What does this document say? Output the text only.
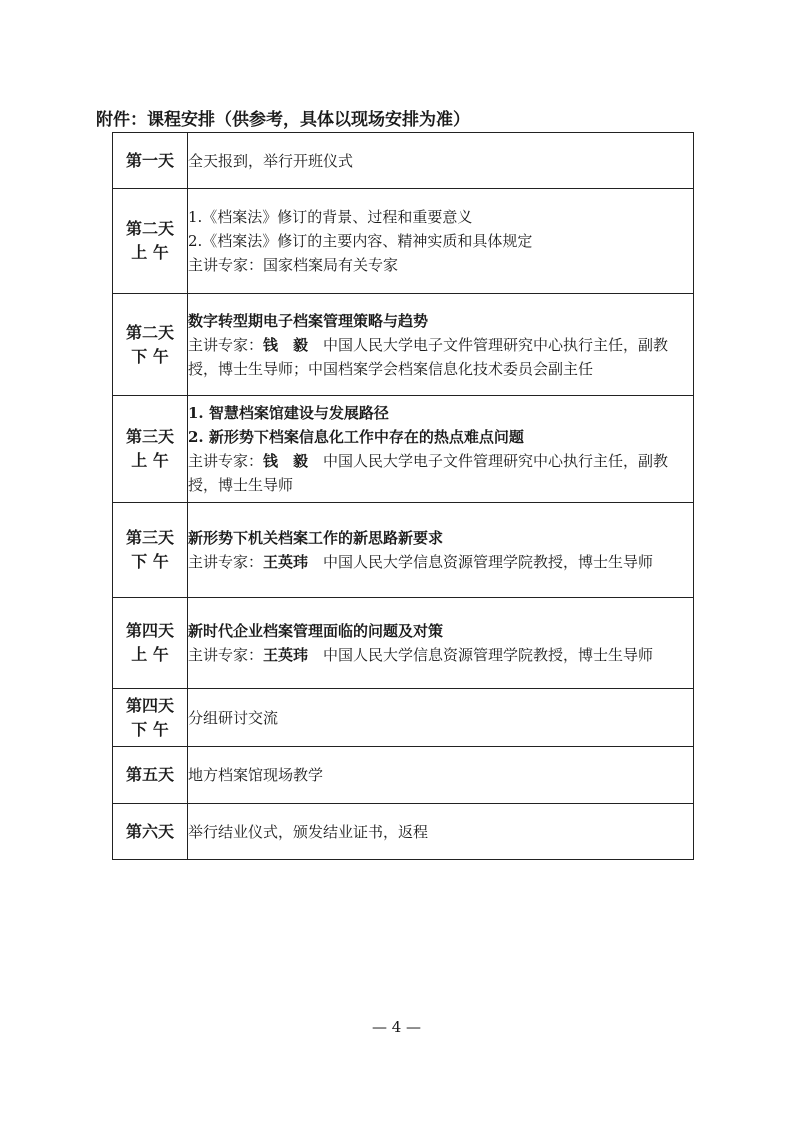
附件：课程安排（供参考，具体以现场安排为准）
第一天	全天报到，举行开班仪式

第二天
上 午	1.《档案法》修订的背景、过程和重要意义
2.《档案法》修订的主要内容、精神实质和具体规定
主讲专家：国家档案局有关专家

第二天
下 午	数字转型期电子档案管理策略与趋势
主讲专家：钱　毅　 中国人民大学电子文件管理研究中心执行主任，副教授，博士生导师；中国档案学会档案信息化技术委员会副主任

第三天
上 午	1. 智慧档案馆建设与发展路径
2. 新形势下档案信息化工作中存在的热点难点问题
主讲专家：钱　毅　 中国人民大学电子文件管理研究中心执行主任，副教授，博士生导师

第三天
下 午	新形势下机关档案工作的新思路新要求
主讲专家：王英玮　 中国人民大学信息资源管理学院教授，博士生导师

第四天
上 午	新时代企业档案管理面临的问题及对策
主讲专家：王英玮　 中国人民大学信息资源管理学院教授，博士生导师

第四天
下 午	分组研讨交流

第五天	地方档案馆现场教学

第六天	举行结业仪式，颁发结业证书，返程
— 4 —
